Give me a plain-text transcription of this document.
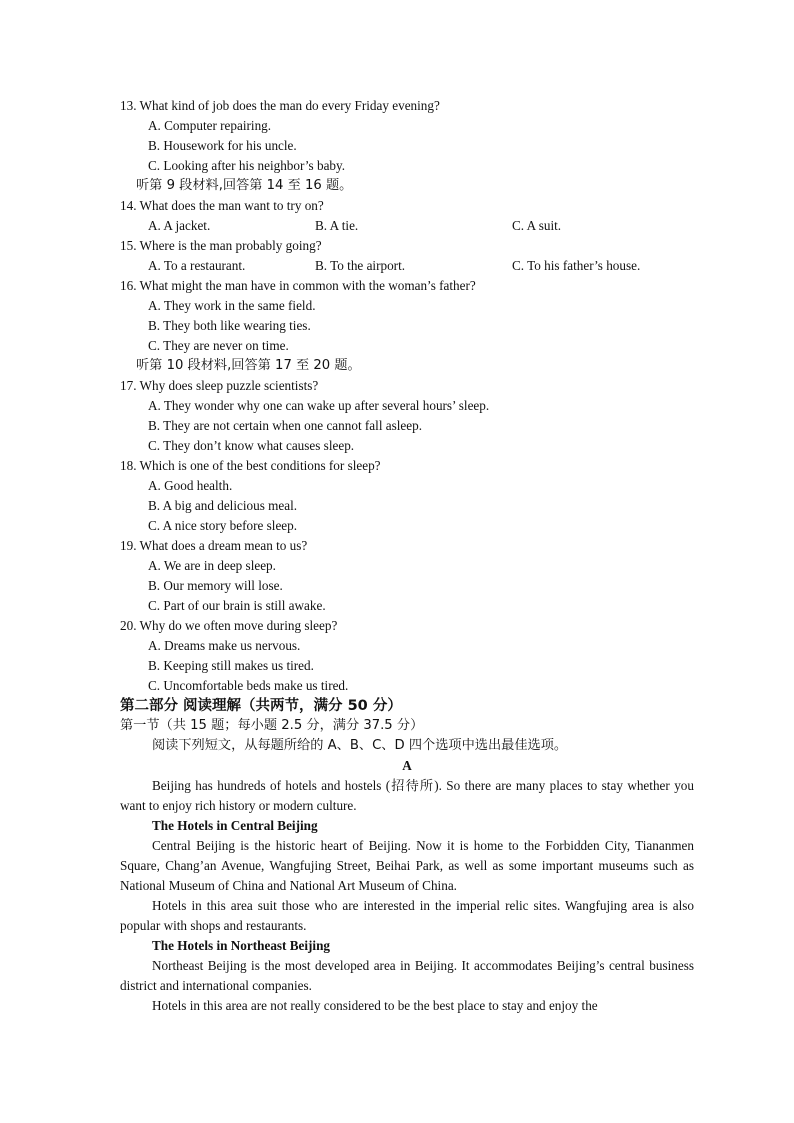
13. What kind of job does the man do every Friday evening?
A. Computer repairing.
B. Housework for his uncle.
C. Looking after his neighbor’s baby.
听第 9 段材料,回答第 14 至 16 题。
14. What does the man want to try on?
A. A jacket.	B. A tie.	C. A suit.
15. Where is the man probably going?
A. To a restaurant.	B. To the airport.	C. To his father’s house.
16. What might the man have in common with the woman’s father?
A. They work in the same field.
B. They both like wearing ties.
C. They are never on time.
听第 10 段材料,回答第 17 至 20 题。
17. Why does sleep puzzle scientists?
A. They wonder why one can wake up after several hours’ sleep.
B. They are not certain when one cannot fall asleep.
C. They don’t know what causes sleep.
18. Which is one of the best conditions for sleep?
A. Good health.
B. A big and delicious meal.
C. A nice story before sleep.
19. What does a dream mean to us?
A. We are in deep sleep.
B. Our memory will lose.
C. Part of our brain is still awake.
20. Why do we often move during sleep?
A. Dreams make us nervous.
B. Keeping still makes us tired.
C. Uncomfortable beds make us tired.
第二部分 阅读理解（共两节，满分 50 分）
第一节（共 15 题；每小题 2.5 分，满分 37.5 分）
阅读下列短文，从每题所给的 A、B、C、D 四个选项中选出最佳选项。
A
Beijing has hundreds of hotels and hostels (招待所). So there are many places to stay whether you want to enjoy rich history or modern culture.
The Hotels in Central Beijing
Central Beijing is the historic heart of Beijing. Now it is home to the Forbidden City, Tiananmen Square, Chang’an Avenue, Wangfujing Street, Beihai Park, as well as some important museums such as National Museum of China and National Art Museum of China.
Hotels in this area suit those who are interested in the imperial relic sites. Wangfujing area is also popular with shops and restaurants.
The Hotels in Northeast Beijing
Northeast Beijing is the most developed area in Beijing. It accommodates Beijing’s central business district and international companies.
Hotels in this area are not really considered to be the best place to stay and enjoy the
